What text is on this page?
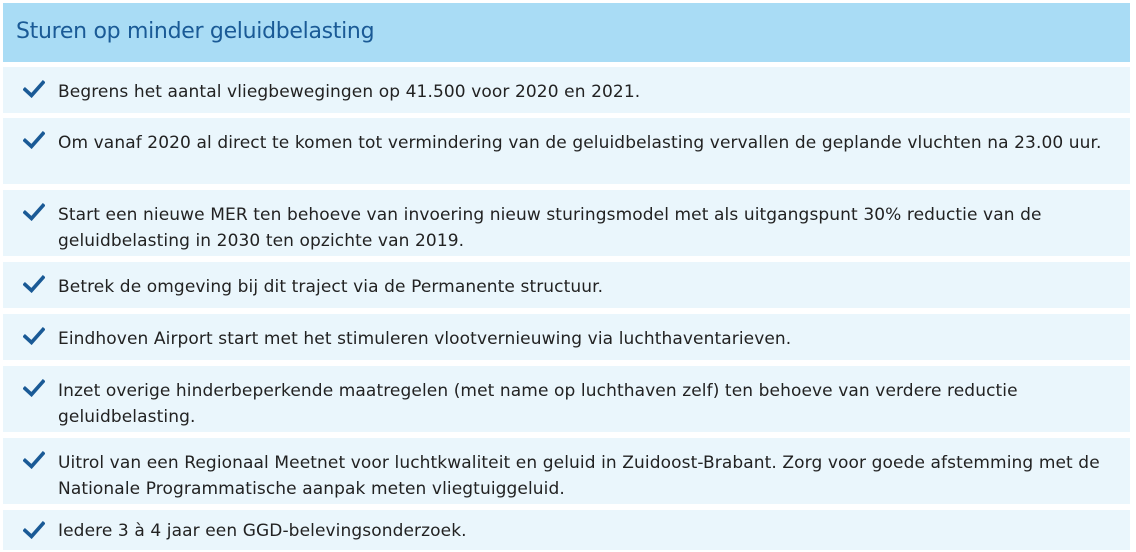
Sturen op minder geluidbelasting
Begrens het aantal vliegbewegingen op 41.500 voor 2020 en 2021.
Om vanaf 2020 al direct te komen tot vermindering van de geluidbelasting vervallen de geplande vluchten na 23.00 uur.
Start een nieuwe MER ten behoeve van invoering nieuw sturingsmodel met als uitgangspunt 30% reductie van de geluidbelasting in 2030 ten opzichte van 2019.
Betrek de omgeving bij dit traject via de Permanente structuur.
Eindhoven Airport start met het stimuleren vlootvernieuwing via luchthaventarieven.
Inzet overige hinderbeperkende maatregelen (met name op luchthaven zelf) ten behoeve van verdere reductie geluidbelasting.
Uitrol van een Regionaal Meetnet voor luchtkwaliteit en geluid in Zuidoost-Brabant. Zorg voor goede afstemming met de Nationale Programmatische aanpak meten vliegtuiggeluid.
Iedere 3 à 4 jaar een GGD-belevingsonderzoek.
